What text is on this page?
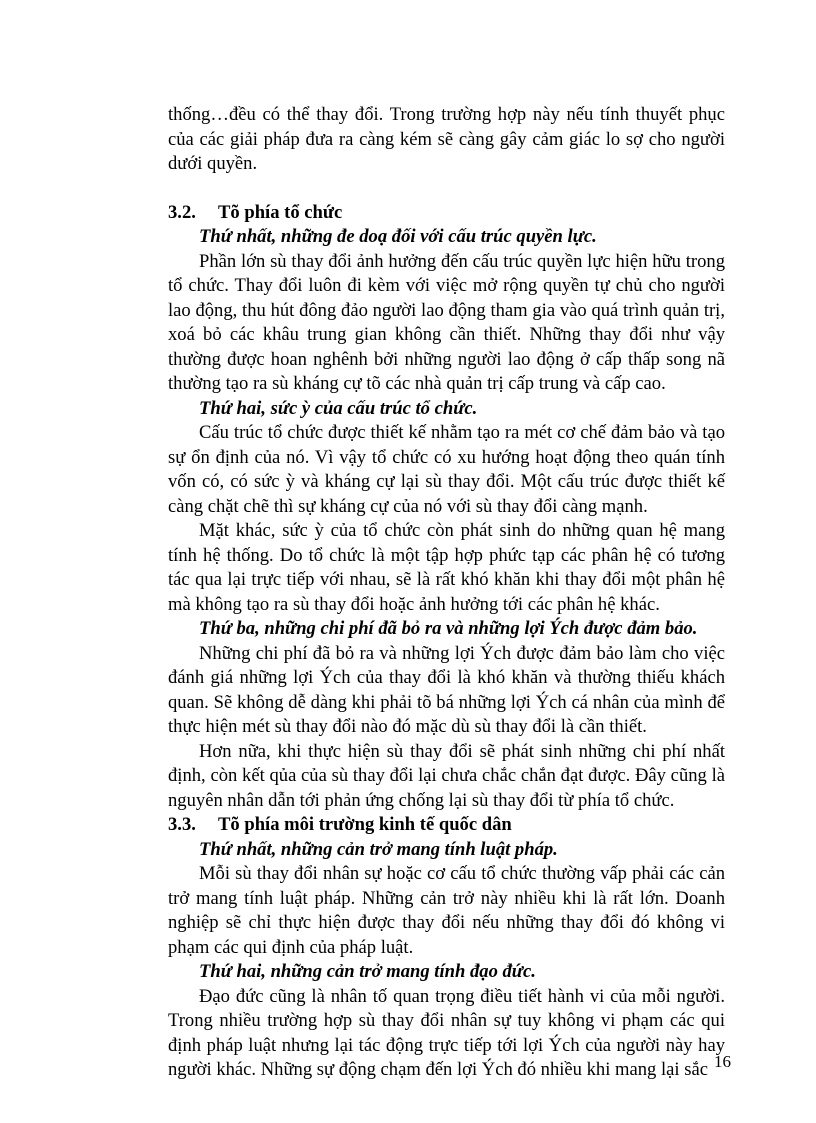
thống…đều có thể thay đổi. Trong trường hợp này nếu tính thuyết phục của các giải pháp đưa ra càng kém sẽ càng gây cảm giác lo sợ cho người dưới quyền.

3.2. Tõ phía tổ chức

Thứ nhất, những đe doạ đối với cấu trúc quyền lực.

Phần lớn sù thay đổi ảnh hưởng đến cấu trúc quyền lực hiện hữu trong tổ chức. Thay đổi luôn đi kèm với việc mở rộng quyền tự chủ cho người lao động, thu hút đông đảo người lao động tham gia vào quá trình quản trị, xoá bỏ các khâu trung gian không cần thiết. Những thay đổi như vậy thường được hoan nghênh bởi những người lao động ở cấp thấp song nã thường tạo ra sù kháng cự tõ các nhà quản trị cấp trung và cấp cao.

Thứ hai, sức ỳ của cấu trúc tổ chức.

Cấu trúc tổ chức được thiết kế nhằm tạo ra mét cơ chế đảm bảo và tạo sự ổn định của nó. Vì vậy tổ chức có xu hướng hoạt động theo quán tính vốn có, có sức ỳ và kháng cự lại sù thay đổi. Một cấu trúc được thiết kế càng chặt chẽ thì sự kháng cự của nó với sù thay đổi càng mạnh.

Mặt khác, sức ỳ của tổ chức còn phát sinh do những quan hệ mang tính hệ thống. Do tổ chức là một tập hợp phức tạp các phân hệ có tương tác qua lại trực tiếp với nhau, sẽ là rất khó khăn khi thay đổi một phân hệ mà không tạo ra sù thay đổi hoặc ảnh hưởng tới các phân hệ khác.

Thứ ba, những chi phí đã bỏ ra và những lợi Ých được đảm bảo.

Những chi phí đã bỏ ra và những lợi Ých được đảm bảo làm cho việc đánh giá những lợi Ých của thay đổi là khó khăn và thường thiếu khách quan. Sẽ không dễ dàng khi phải tõ bá những lợi Ých cá nhân của mình để thực hiện mét sù thay đổi nào đó mặc dù sù thay đổi là cần thiết.

Hơn nữa, khi thực hiện sù thay đổi sẽ phát sinh những chi phí nhất định, còn kết qủa của sù thay đổi lại chưa chắc chắn đạt được. Đây cũng là nguyên nhân dẫn tới phản ứng chống lại sù thay đổi từ phía tổ chức.

3.3. Tõ phía môi trường kinh tế quốc dân

Thứ nhất, những cản trở mang tính luật pháp.

Mỗi sù thay đổi nhân sự hoặc cơ cấu tổ chức thường vấp phải các cản trở mang tính luật pháp. Những cản trở này nhiều khi là rất lớn. Doanh nghiệp sẽ chỉ thực hiện được thay đổi nếu những thay đổi đó không vi phạm các qui định của pháp luật.

Thứ hai, những cản trở mang tính đạo đức.

Đạo đức cũng là nhân tố quan trọng điều tiết hành vi của mỗi người. Trong nhiều trường hợp sù thay đổi nhân sự tuy không vi phạm các qui định pháp luật nhưng lại tác động trực tiếp tới lợi Ých của người này hay người khác. Những sự động chạm đến lợi Ých đó nhiều khi mang lại sắc 16
